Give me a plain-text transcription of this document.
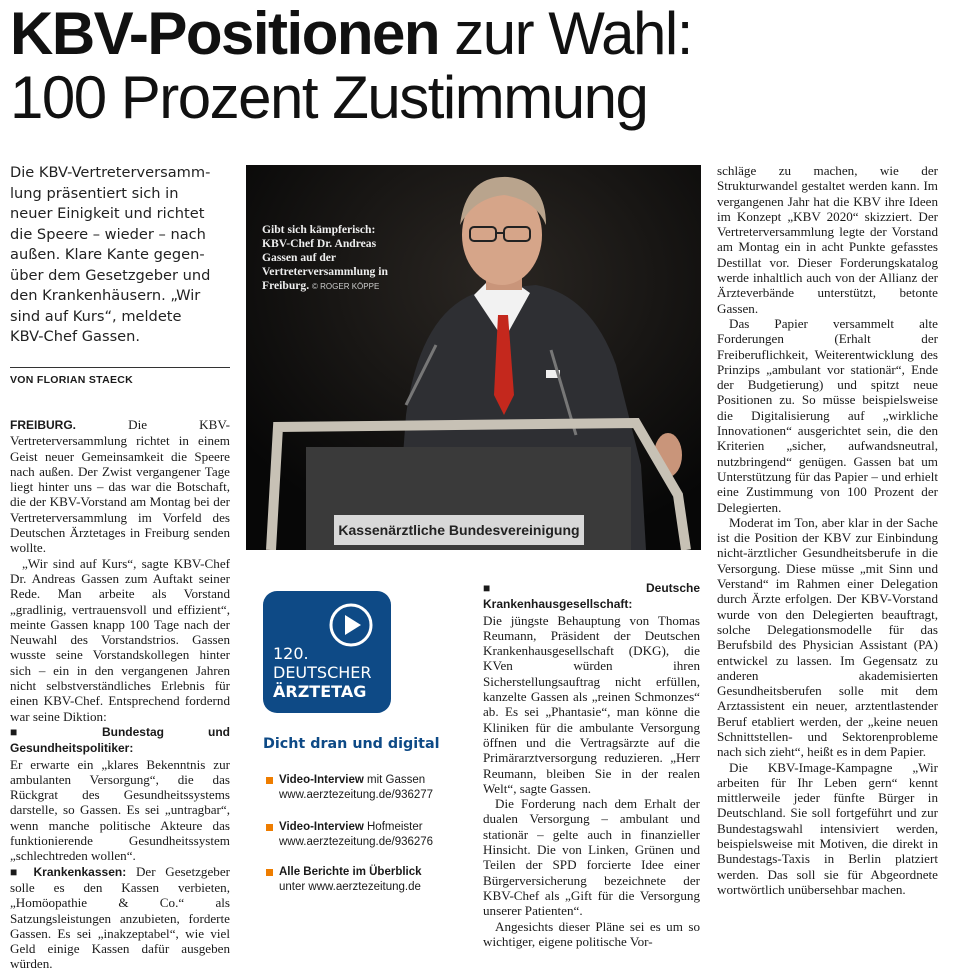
KBV-Positionen zur Wahl:
100 Prozent Zustimmung
Die KBV-Vertreterversamm-
lung präsentiert sich in
neuer Einigkeit und richtet
die Speere – wieder – nach
außen. Klare Kante gegen-
über dem Gesetzgeber und
den Krankenhäusern. „Wir
sind auf Kurs“, meldete
KBV-Chef Gassen.
VON FLORIAN STAECK

FREIBURG.	Die KBV-Vertreterversammlung richtet in einem Geist neuer Gemeinsamkeit die Speere nach außen. Der Zwist vergangener Tage liegt hinter uns – das war die Botschaft, die der KBV-Vorstand am Montag bei der Vertreterversammlung im Vorfeld des Deutschen Ärztetages in Freiburg senden wollte.

„Wir sind auf Kurs“, sagte KBV-Chef Dr. Andreas Gassen zum Auftakt seiner Rede. Man arbeite als Vorstand „gradlinig, vertrauensvoll und effizient“, meinte Gassen knapp 100 Tage nach der Neuwahl des Vorstandstrios. Gassen wusste seine Vorstandskollegen hinter sich – ein in den vergangenen Jahren nicht selbstverständliches Erlebnis für einen KBV-Chef. Entsprechend fordernd war seine Diktion:

■ Bundestag und Gesundheitspolitiker:

Er erwarte ein „klares Bekenntnis zur ambulanten Versorgung“, die das Rückgrat des Gesundheitssystems darstelle, so Gassen. Es sei „untragbar“, wenn manche politische Akteure das funktionierende Gesundheitssystem „schlechtreden wollen“.

■ Krankenkassen: Der Gesetzgeber solle es den Kassen verbieten, „Homöopathie & Co.“ als Satzungsleistungen anzubieten, forderte Gassen. Es sei „inakzeptabel“, wie viel Geld einige Kassen dafür ausgeben würden.

Kassenärztliche Bundesvereinigung
Gibt sich kämpferisch: KBV-Chef Dr. Andreas Gassen auf der Vertreterversammlung in Freiburg. © ROGER KÖPPE
120.
DEUTSCHER
ÄRZTETAG
Dicht dran und digital
Video-Interview mit Gassen
www.aerztezeitung.de/936277
Video-Interview Hofmeister
www.aerztezeitung.de/936276
Alle Berichte im Überblick
unter www.aerztezeitung.de

■ Deutsche Krankenhausgesellschaft:

Die jüngste Behauptung von Thomas Reumann, Präsident der Deutschen Krankenhausgesellschaft (DKG), die KVen würden ihren Sicherstellungsauftrag nicht erfüllen, kanzelte Gassen als „reinen Schmonzes“ ab. Es sei „Phantasie“, man könne die Kliniken für die ambulante Versorgung öffnen und die Vertragsärzte auf die Primärarztversorgung reduzieren. „Herr Reumann, bleiben Sie in der realen Welt“, sagte Gassen.

Die Forderung nach dem Erhalt der dualen Versorgung – ambulant und stationär – gelte auch in finanzieller Hinsicht. Die von Linken, Grünen und Teilen der SPD forcierte Idee einer Bürgerversicherung bezeichnete der KBV-Chef als „Gift für die Versorgung unserer Patienten“.

Angesichts dieser Pläne sei es um so wichtiger, eigene politische Vor-

schläge zu machen, wie der Strukturwandel gestaltet werden kann. Im vergangenen Jahr hat die KBV ihre Ideen im Konzept „KBV 2020“ skizziert. Der Vertreterversammlung legte der Vorstand am Montag ein in acht Punkte gefasstes Destillat vor. Dieser Forderungskatalog werde inhaltlich auch von der Allianz der Ärzteverbände unterstützt, betonte Gassen.

Das Papier versammelt alte Forderungen (Erhalt der Freiberuflichkeit, Weiterentwicklung des Prinzips „ambulant vor stationär“, Ende der Budgetierung) und spitzt neue Positionen zu. So müsse beispielsweise die Digitalisierung auf „wirkliche Innovationen“ ausgerichtet sein, die den Kriterien „sicher, aufwandsneutral, nutzbringend“ genügen. Gassen bat um Unterstützung für das Papier – und erhielt eine Zustimmung von 100 Prozent der Delegierten.

Moderat im Ton, aber klar in der Sache ist die Position der KBV zur Einbindung nicht-ärztlicher Gesundheitsberufe in die Versorgung. Diese müsse „mit Sinn und Verstand“ im Rahmen einer Delegation durch Ärzte erfolgen. Der KBV-Vorstand wurde von den Delegierten beauftragt, solche Delegationsmodelle für das Berufsbild des Physician Assistant (PA) entwickel zu lassen. Im Gegensatz zu anderen akademisierten Gesundheitsberufen solle mit dem Arztassistent ein neuer, arztentlastender Beruf etabliert werden, der „keine neuen Schnittstellen- und Sektorenprobleme nach sich zieht“, heißt es in dem Papier.

Die KBV-Image-Kampagne „Wir arbeiten für Ihr Leben gern“ kennt mittlerweile jeder fünfte Bürger in Deutschland. Sie soll fortgeführt und zur Bundestagswahl intensiviert werden, beispielsweise mit Motiven, die direkt in Bundestags-Taxis in Berlin platziert werden. Das soll sie für Abgeordnete wortwörtlich unübersehbar machen.
